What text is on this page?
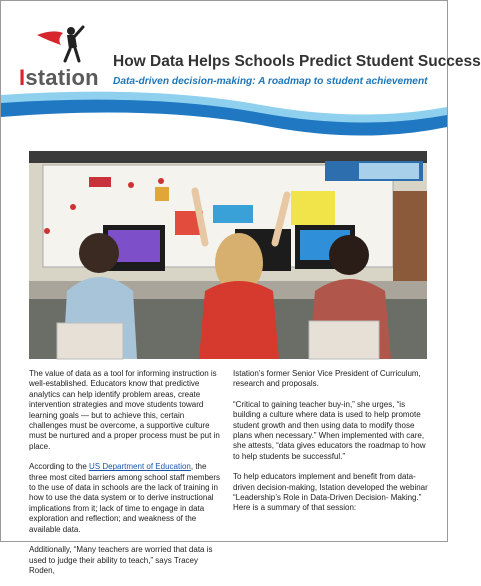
Istation
How Data Helps Schools Predict Student Success
Data-driven decision-making: A roadmap to student achievement

The value of data as a tool for informing instruction is well-established. Educators know that predictive analytics can help identify problem areas, create intervention strategies and move students toward learning goals — but to achieve this, certain challenges must be overcome, a supportive culture must be nurtured and a proper process must be put in place.

According to the US Department of Education, the three most cited barriers among school staff members to the use of data in schools are the lack of training in how to use the data system or to derive instructional implications from it; lack of time to engage in data exploration and reflection; and weakness of the available data.

Additionally, “Many teachers are worried that data is used to judge their ability to teach,” says Tracey Roden,

Istation’s former Senior Vice President of Curriculum, research and proposals.

“Critical to gaining teacher buy-in,” she urges, “is building a culture where data is used to help promote student growth and then using data to modify those plans when necessary.” When implemented with care, she attests, “data gives educators the roadmap to how to help students be successful.”

To help educators implement and benefit from data-driven decision-making, Istation developed the webinar “Leadership’s Role in Data-Driven Decision- Making.” Here is a summary of that session:
